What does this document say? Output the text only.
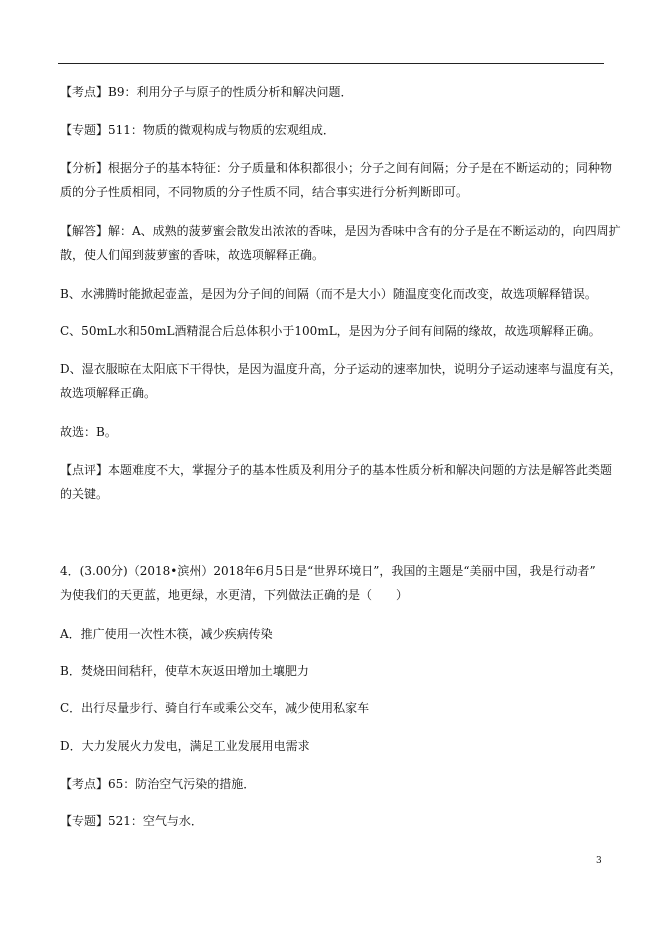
【考点】B9：利用分子与原子的性质分析和解决问题．
【专题】511：物质的微观构成与物质的宏观组成．
【分析】根据分子的基本特征：分子质量和体积都很小；分子之间有间隔；分子是在不断运动的；同种物
质的分子性质相同，不同物质的分子性质不同，结合事实进行分析判断即可。
【解答】解：A、成熟的菠萝蜜会散发出浓浓的香味，是因为香味中含有的分子是在不断运动的，向四周扩
散，使人们闻到菠萝蜜的香味，故选项解释正确。
B、水沸腾时能掀起壶盖，是因为分子间的间隔（而不是大小）随温度变化而改变，故选项解释错误。
C、50mL水和50mL酒精混合后总体积小于100mL，是因为分子间有间隔的缘故，故选项解释正确。
D、湿衣服晾在太阳底下干得快，是因为温度升高，分子运动的速率加快，说明分子运动速率与温度有关，
故选项解释正确。
故选：B。
【点评】本题难度不大，掌握分子的基本性质及利用分子的基本性质分析和解决问题的方法是解答此类题
的关键。
4．(3.00分)（2018•滨州）2018年6月5日是“世界环境日”，我国的主题是“美丽中国，我是行动者”
为使我们的天更蓝，地更绿，水更清，下列做法正确的是（　　）
A．推广使用一次性木筷，减少疾病传染
B．焚烧田间秸秆，使草木灰返田增加土壤肥力
C．出行尽量步行、骑自行车或乘公交车，减少使用私家车
D．大力发展火力发电，满足工业发展用电需求
【考点】65：防治空气污染的措施．
【专题】521：空气与水．
3
